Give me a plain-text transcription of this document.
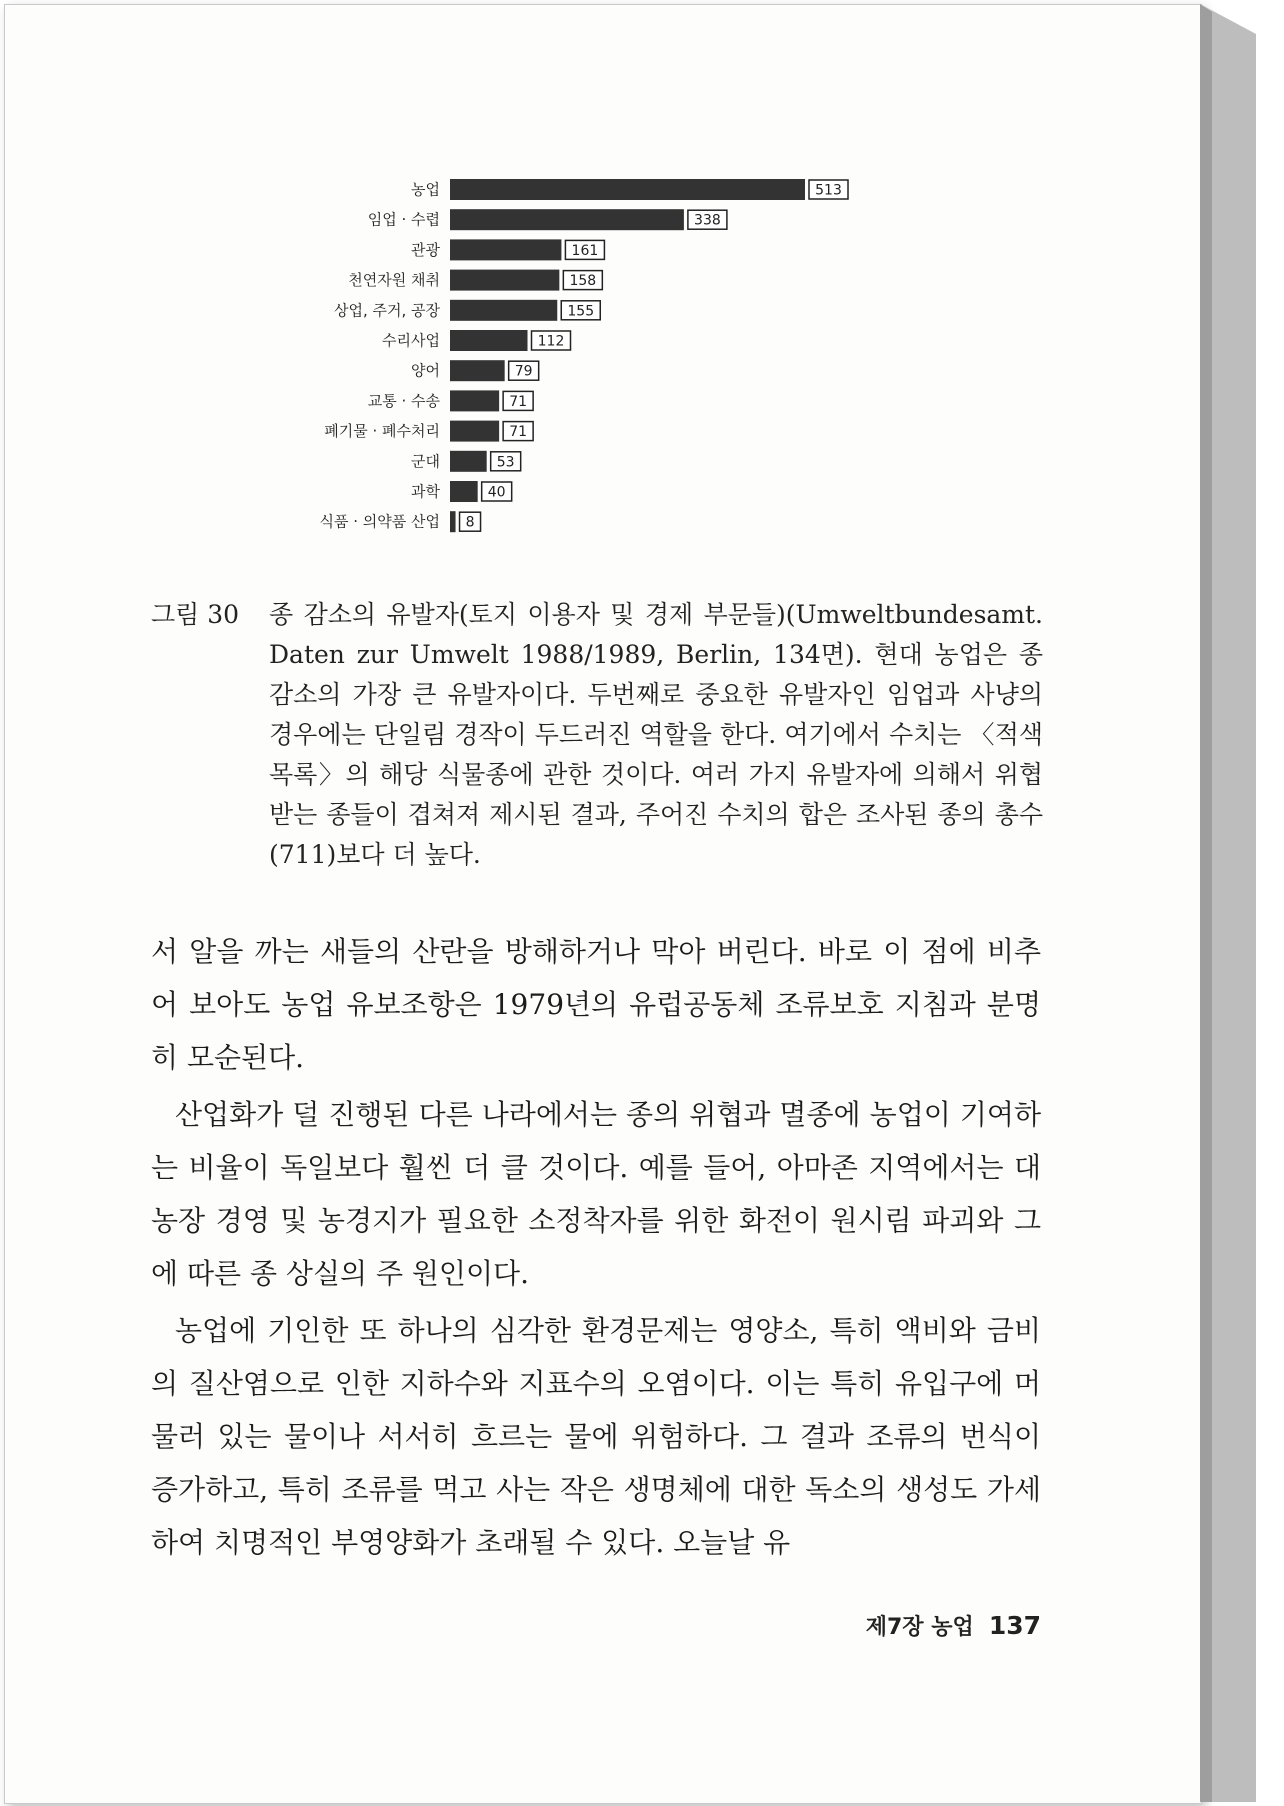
농업	513
임업 · 수렵	338
관광	161
천연자원 채취	158
상업, 주거, 공장	155
수리사업	112
양어	79
교통 · 수송	71
폐기물 · 폐수처리	71
군대	53
과학	40
식품 · 의약품 산업 8
그림 30	종 감소의 유발자(토지 이용자 및 경제 부문들)(Umweltbundesamt. Daten zur Umwelt 1988/1989, Berlin, 134면). 현대 농업은 종 감소의 가장 큰 유발자이다. 두번째로 중요한 유발자인 임업과 사냥의 경우에는 단일림 경작이 두드러진 역할을 한다. 여기에서 수치는 〈적색목록〉의 해당 식물종에 관한 것이다. 여러 가지 유발자에 의해서 위협받는 종들이 겹쳐져 제시된 결과, 주어진 수치의 합은 조사된 종의 총수(711)보다 더 높다.

서 알을 까는 새들의 산란을 방해하거나 막아 버린다. 바로 이 점에 비추어 보아도 농업 유보조항은 1979년의 유럽공동체 조류보호 지침과 분명히 모순된다.

산업화가 덜 진행된 다른 나라에서는 종의 위협과 멸종에 농업이 기여하는 비율이 독일보다 훨씬 더 클 것이다. 예를 들어, 아마존 지역에서는 대농장 경영 및 농경지가 필요한 소정착자를 위한 화전이 원시림 파괴와 그에 따른 종 상실의 주 원인이다.

농업에 기인한 또 하나의 심각한 환경문제는 영양소, 특히 액비와 금비의 질산염으로 인한 지하수와 지표수의 오염이다. 이는 특히 유입구에 머물러 있는 물이나 서서히 흐르는 물에 위험하다. 그 결과 조류의 번식이 증가하고, 특히 조류를 먹고 사는 작은 생명체에 대한 독소의 생성도 가세하여 치명적인 부영양화가 초래될 수 있다. 오늘날 유

제7장 농업 137
